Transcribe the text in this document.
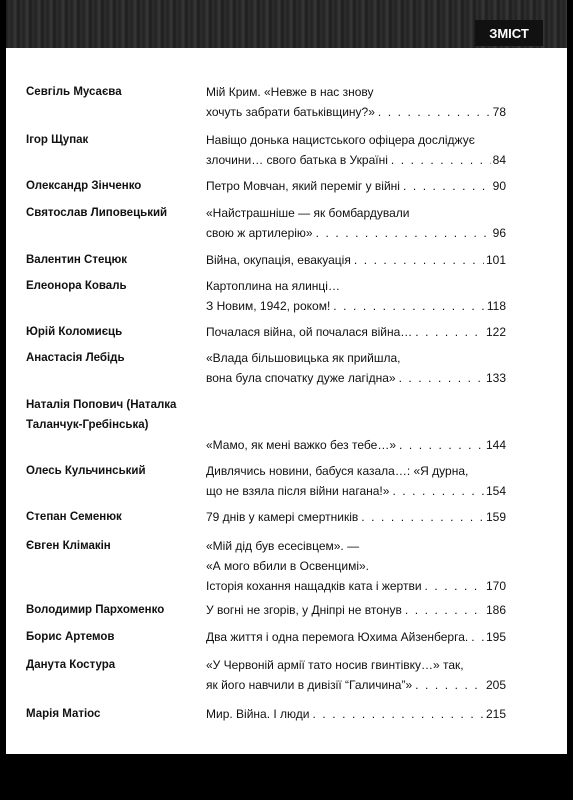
ЗМІСТ
Севгіль Мусаєва	Мій Крим. «Невже в нас знову
хочуть забрати батьківщину?» . . .	78
Ігор Щупак	Навіщо донька нацистського офіцера досліджує
злочини… свого батька в Україні . . .	84
Олександр Зінченко	Петро Мовчан, який переміг у війні . . .	90
Святослав Липовецький	«Найстрашніше — як бомбардували
свою ж артилерію» . . .	96
Валентин Стецюк	Війна, окупація, евакуація . . .	101
Елеонора Коваль	Картоплина на ялинці…
З Новим, 1942, роком! . . .	118
Юрій Коломиєць	Почалася війна, ой почалася війна… . . .	122
Анастасія Лебідь	«Влада більшовицька як прийшла,
вона була спочатку дуже лагідна» . . .	133
Наталія Попович (Наталка Таланчук-Гребінська)
«Мамо, як мені важко без тебе…» . . .	144
Олесь Кульчинський	Дивлячись новини, бабуся казала…: «Я дурна,
що не взяла після війни нагана!» . . .	154
Степан Семенюк	79 днів у камері смертників . . .	159
Євген Клімакін	«Мій дід був есесівцем». —
«А мого вбили в Освенцимі».
Історія кохання нащадків ката і жертви . . .	170
Володимир Пархоменко	У вогні не згорів, у Дніпрі не втонув . . .	186
Борис Артемов	Два життя і одна перемога Юхима Айзенберга. . . . 195
Данута Костура	«У Червоній армії тато носив гвинтівку…» так,
як його навчили в дивізії “Галичина”» . . .	205
Марія Матіос	Мир. Війна. І люди . . .	215
